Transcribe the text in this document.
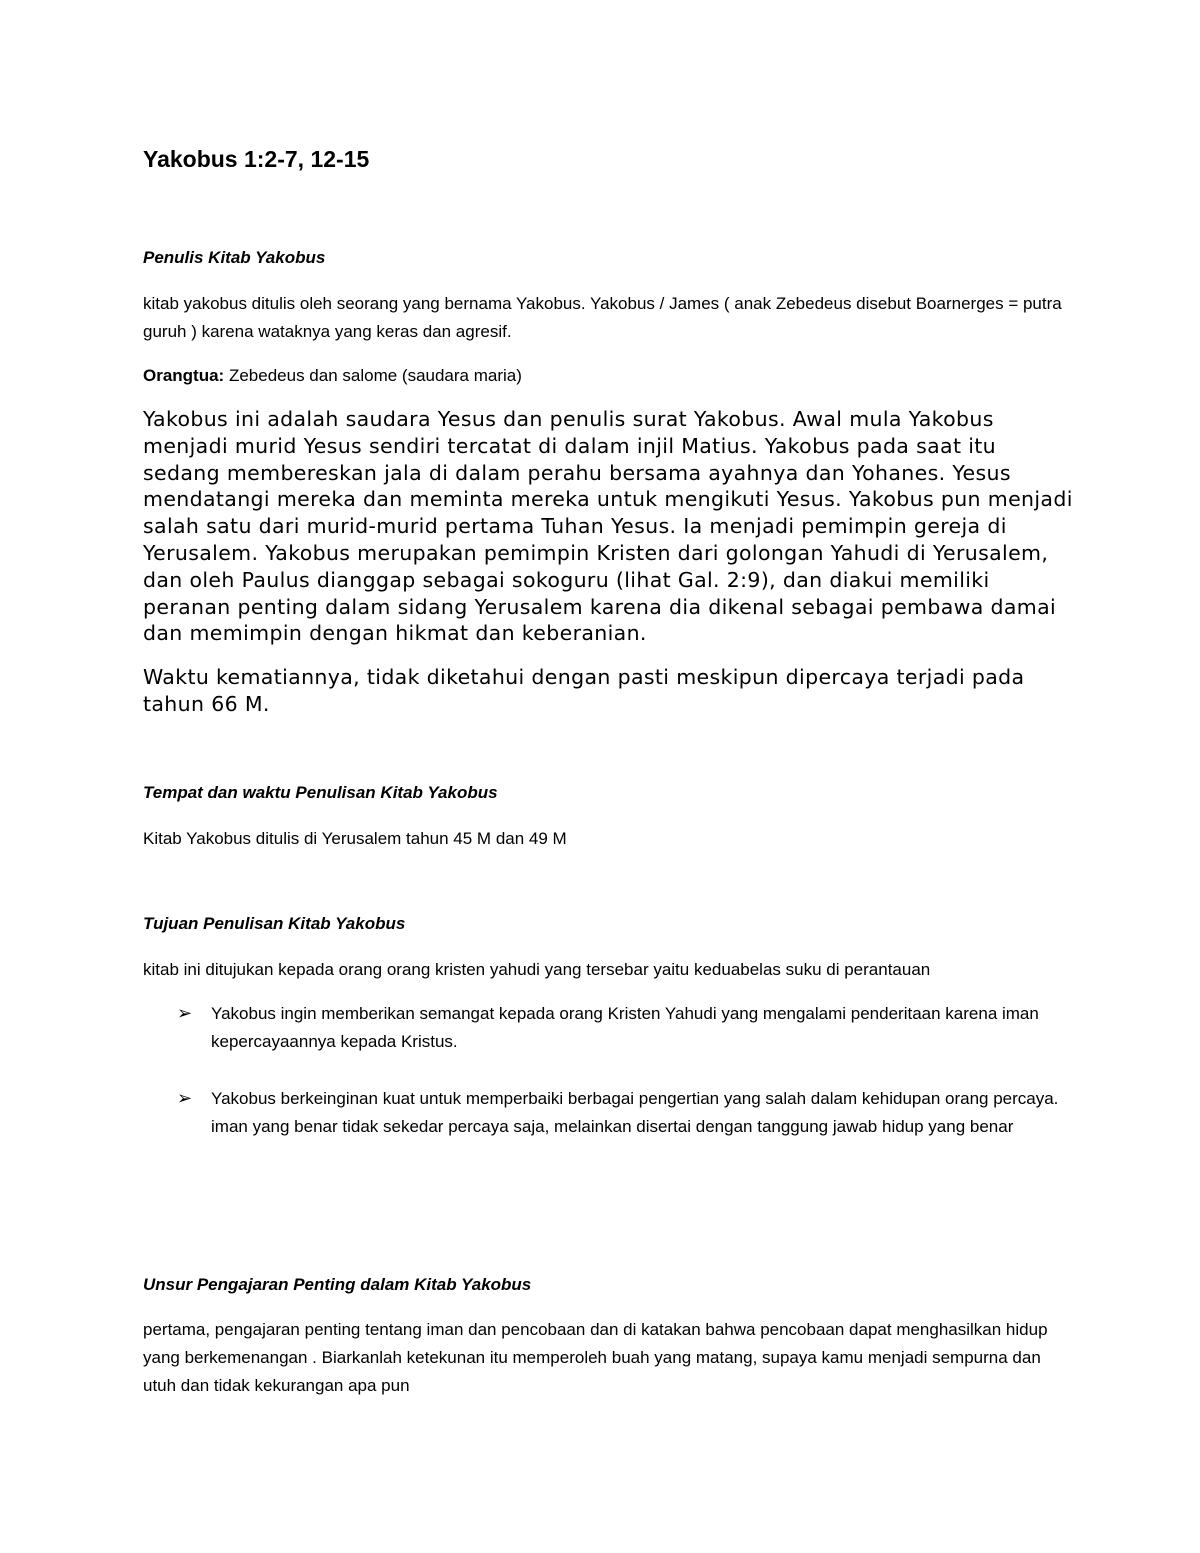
Yakobus 1:2-7, 12-15
Penulis Kitab Yakobus

kitab yakobus ditulis oleh seorang yang bernama Yakobus. Yakobus / James ( anak Zebedeus disebut Boarnerges = putra guruh ) karena wataknya yang keras dan agresif.

Orangtua: Zebedeus dan salome (saudara maria)

Yakobus ini adalah saudara Yesus dan penulis surat Yakobus. Awal mula Yakobus menjadi murid Yesus sendiri tercatat di dalam injil Matius. Yakobus pada saat itu sedang membereskan jala di dalam perahu bersama ayahnya dan Yohanes. Yesus mendatangi mereka dan meminta mereka untuk mengikuti Yesus. Yakobus pun menjadi salah satu dari murid-murid pertama Tuhan Yesus. Ia menjadi pemimpin gereja di Yerusalem. Yakobus merupakan pemimpin Kristen dari golongan Yahudi di Yerusalem, dan oleh Paulus dianggap sebagai sokoguru (lihat Gal. 2:9), dan diakui memiliki peranan penting dalam sidang Yerusalem karena dia dikenal sebagai pembawa damai dan memimpin dengan hikmat dan keberanian.

Waktu kematiannya, tidak diketahui dengan pasti meskipun dipercaya terjadi pada tahun 66 M.

Tempat dan waktu Penulisan Kitab Yakobus

Kitab Yakobus ditulis di Yerusalem tahun 45 M dan 49 M

Tujuan Penulisan Kitab Yakobus

kitab ini ditujukan kepada orang orang kristen yahudi yang tersebar yaitu keduabelas suku di perantauan

➢ Yakobus ingin memberikan semangat kepada orang Kristen Yahudi yang mengalami penderitaan karena iman kepercayaannya kepada Kristus.

➢ Yakobus berkeinginan kuat untuk memperbaiki berbagai pengertian yang salah dalam kehidupan orang percaya. iman yang benar tidak sekedar percaya saja, melainkan disertai dengan tanggung jawab hidup yang benar

Unsur Pengajaran Penting dalam Kitab Yakobus

pertama, pengajaran penting tentang iman dan pencobaan dan di katakan bahwa pencobaan dapat menghasilkan hidup yang berkemenangan . Biarkanlah ketekunan itu memperoleh buah yang matang, supaya kamu menjadi sempurna dan utuh dan tidak kekurangan apa pun
